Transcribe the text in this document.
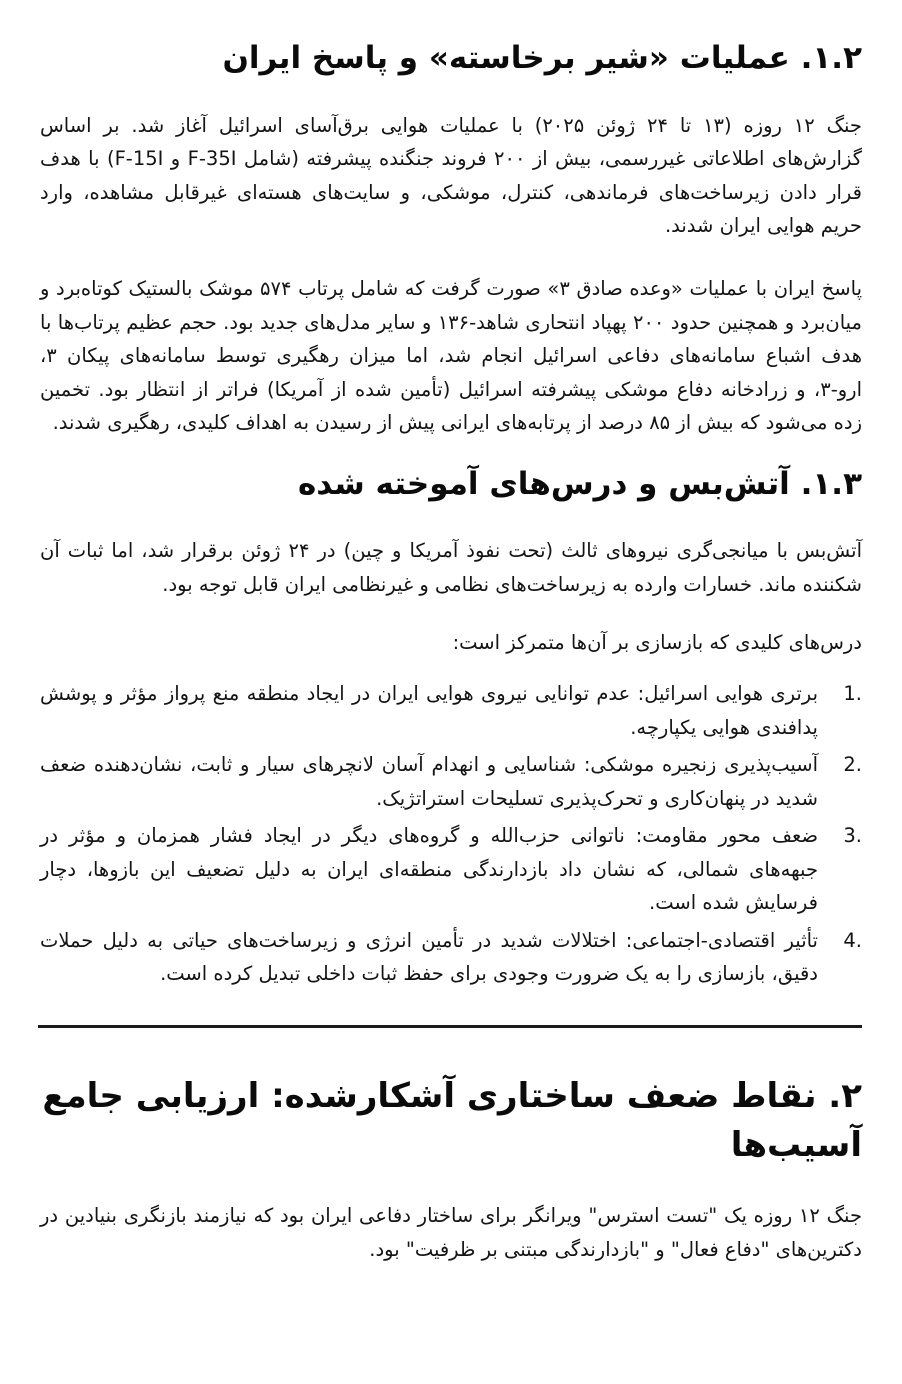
۱.۲. عملیات «شیر برخاسته» و پاسخ ایران

جنگ ۱۲ روزه (۱۳ تا ۲۴ ژوئن ۲۰۲۵) با عملیات هوایی برق‌آسای اسرائیل آغاز شد. بر اساس گزارش‌های اطلاعاتی غیررسمی، بیش از ۲۰۰ فروند جنگنده پیشرفته (شامل F-35I و F-15I) با هدف قرار دادن زیرساخت‌های فرماندهی، کنترل، موشکی، و سایت‌های هسته‌ای غیرقابل مشاهده، وارد حریم هوایی ایران شدند.

پاسخ ایران با عملیات «وعده صادق ۳» صورت گرفت که شامل پرتاب ۵۷۴ موشک بالستیک کوتاه‌برد و میان‌برد و همچنین حدود ۲۰۰ پهپاد انتحاری شاهد-۱۳۶ و سایر مدل‌های جدید بود. حجم عظیم پرتاب‌ها با هدف اشباع سامانه‌های دفاعی اسرائیل انجام شد، اما میزان رهگیری توسط سامانه‌های پیکان ۳، ارو-۳، و زرادخانه دفاع موشکی پیشرفته اسرائیل (تأمین شده از آمریکا) فراتر از انتظار بود. تخمین زده می‌شود که بیش از ۸۵ درصد از پرتابه‌های ایرانی پیش از رسیدن به اهداف کلیدی، رهگیری شدند.

۱.۳. آتش‌بس و درس‌های آموخته شده

آتش‌بس با میانجی‌گری نیروهای ثالث (تحت نفوذ آمریکا و چین) در ۲۴ ژوئن برقرار شد، اما ثبات آن شکننده ماند. خسارات وارده به زیرساخت‌های نظامی و غیرنظامی ایران قابل توجه بود.

درس‌های کلیدی که بازسازی بر آن‌ها متمرکز است:

برتری هوایی اسرائیل: عدم توانایی نیروی هوایی ایران در ایجاد منطقه منع پرواز مؤثر و پوشش پدافندی هوایی یکپارچه.
آسیب‌پذیری زنجیره موشکی: شناسایی و انهدام آسان لانچرهای سیار و ثابت، نشان‌دهنده ضعف شدید در پنهان‌کاری و تحرک‌پذیری تسلیحات استراتژیک.
ضعف محور مقاومت: ناتوانی حزب‌الله و گروه‌های دیگر در ایجاد فشار همزمان و مؤثر در جبهه‌های شمالی، که نشان داد بازدارندگی منطقه‌ای ایران به دلیل تضعیف این بازوها، دچار فرسایش شده است.
تأثیر اقتصادی-اجتماعی: اختلالات شدید در تأمین انرژی و زیرساخت‌های حیاتی به دلیل حملات دقیق، بازسازی را به یک ضرورت وجودی برای حفظ ثبات داخلی تبدیل کرده است.
۲. نقاط ضعف ساختاری آشکارشده: ارزیابی جامع آسیب‌ها

جنگ ۱۲ روزه یک "تست استرس" ویرانگر برای ساختار دفاعی ایران بود که نیازمند بازنگری بنیادین در دکترین‌های "دفاع فعال" و "بازدارندگی مبتنی بر ظرفیت" بود.
